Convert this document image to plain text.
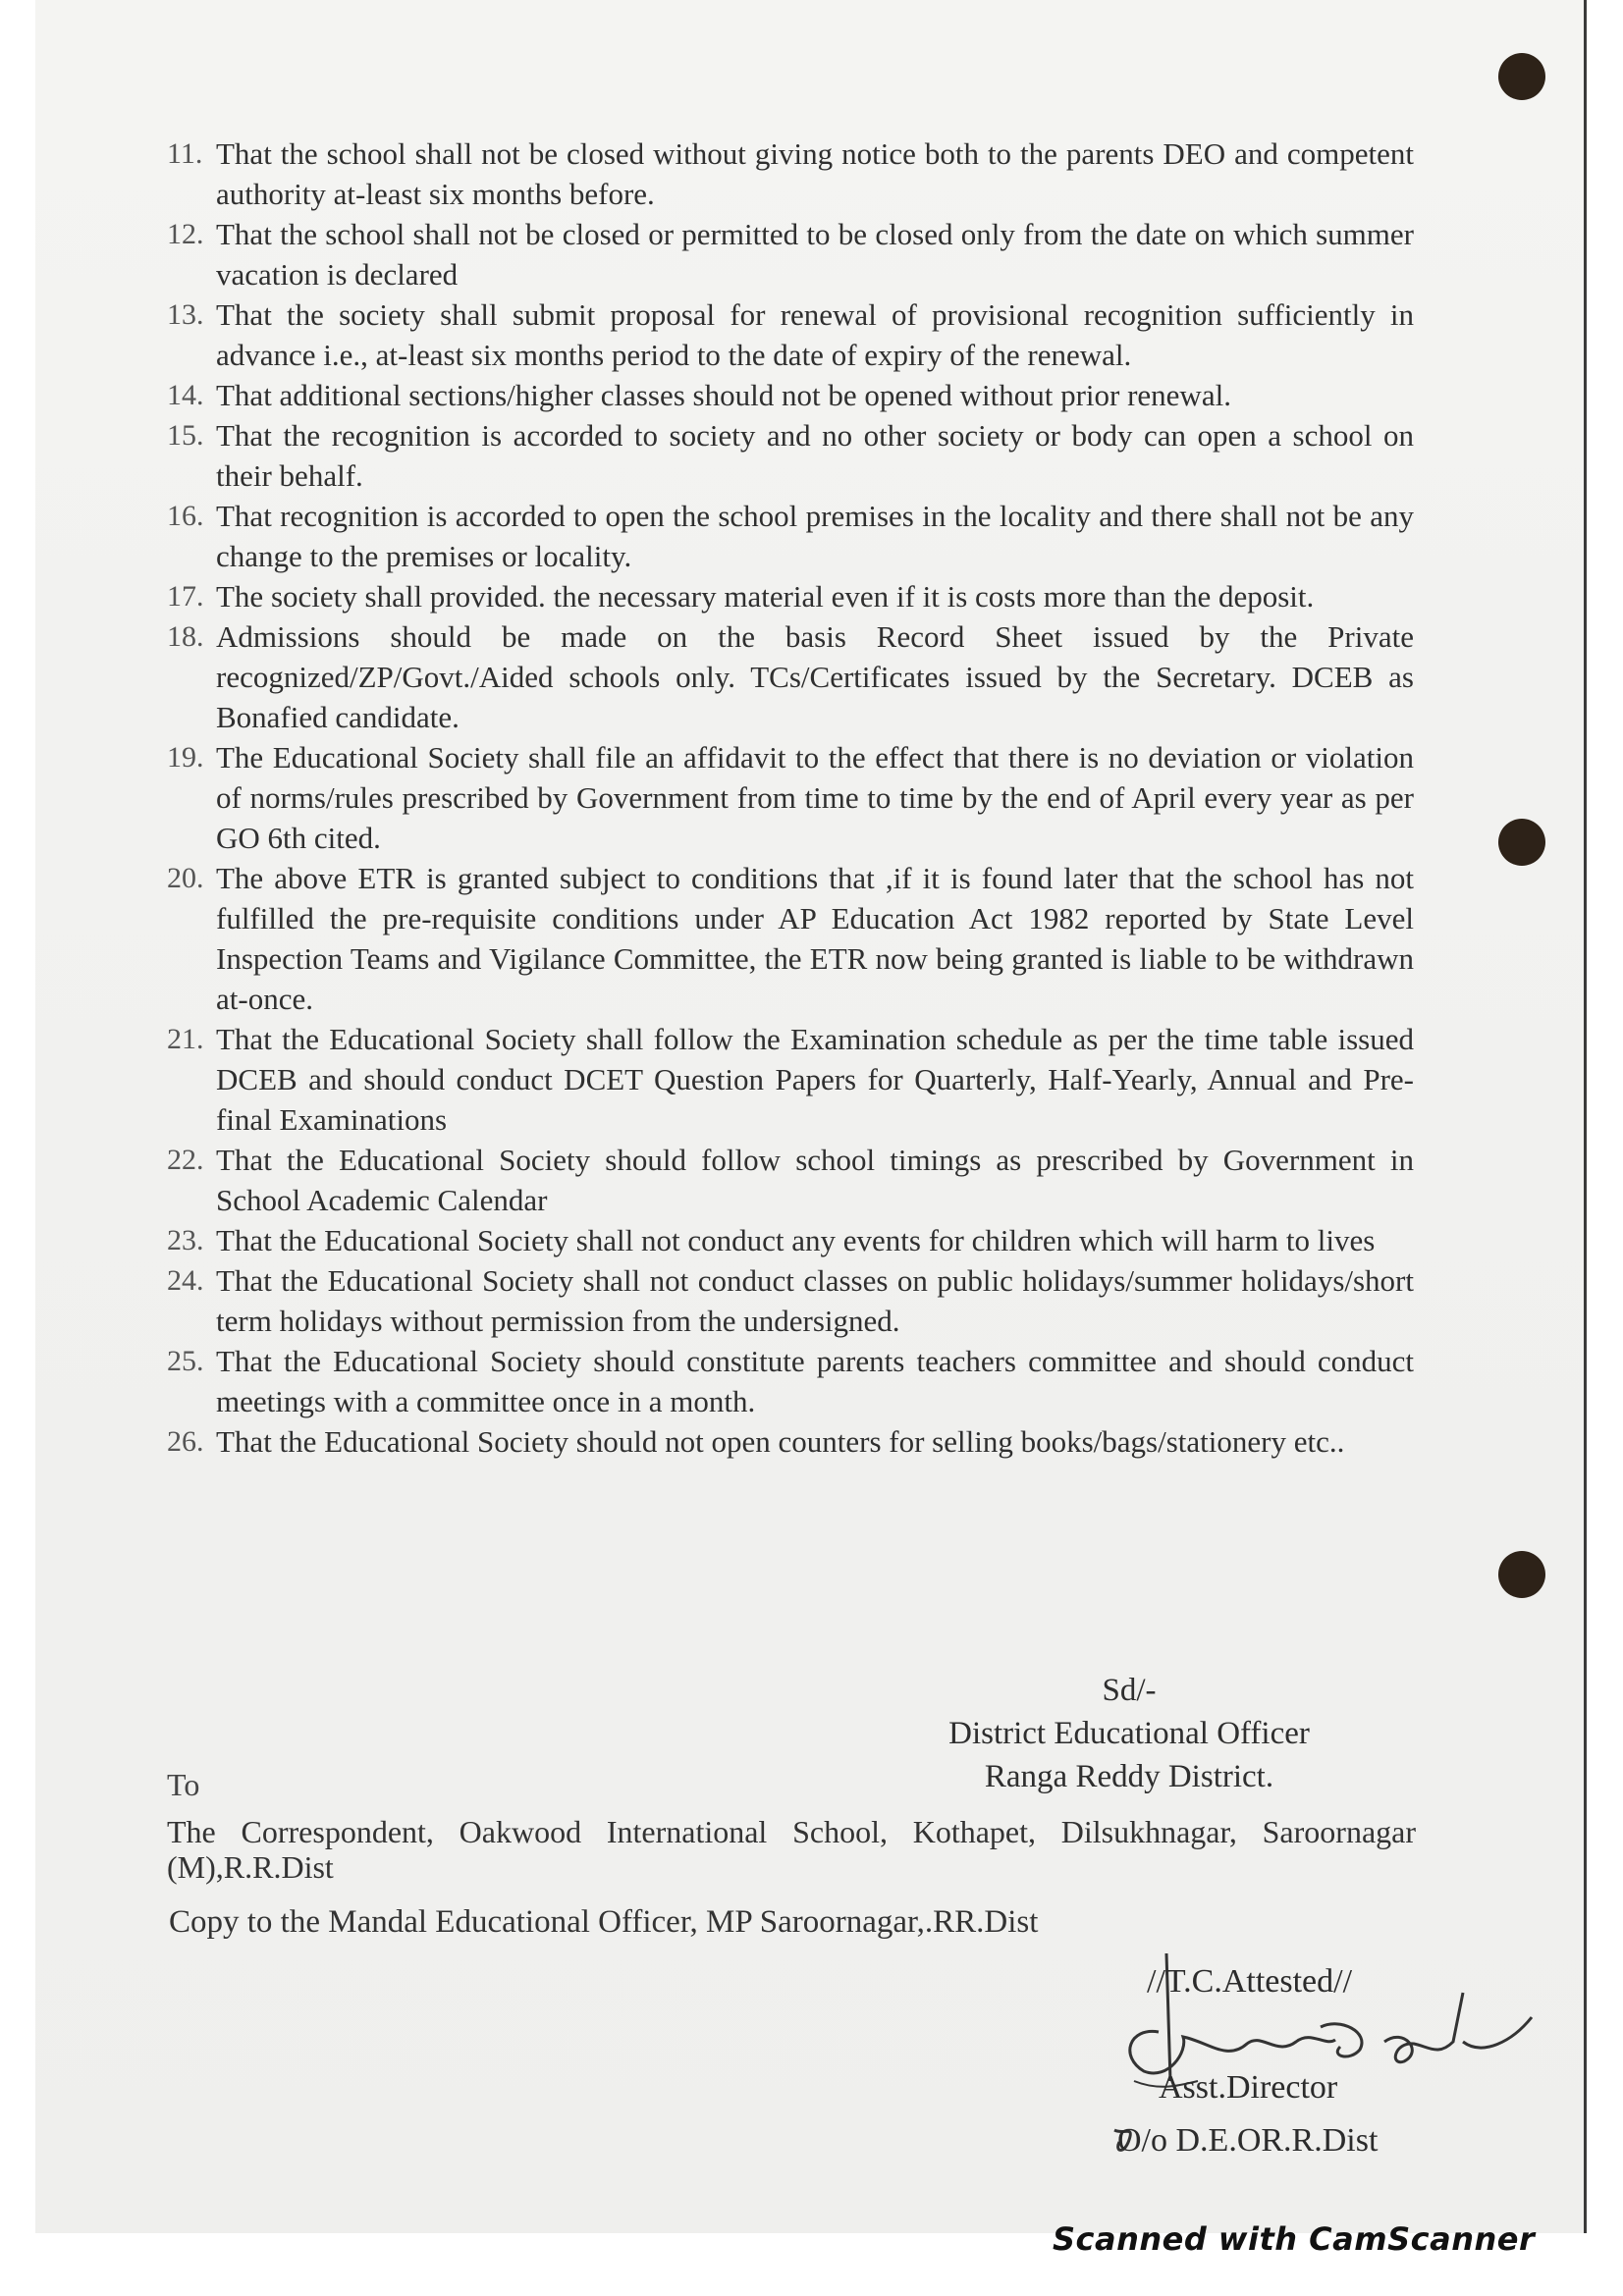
11. That the school shall not be closed without giving notice both to the parents DEO and competent authority at-least six months before.
12. That the school shall not be closed or permitted to be closed only from the date on which summer vacation is declared
13. That the society shall submit proposal for renewal of provisional recognition sufficiently in advance i.e., at-least six months period to the date of expiry of the renewal.
14. That additional sections/higher classes should not be opened without prior renewal.
15. That the recognition is accorded to society and no other society or body can open a school on their behalf.
16. That recognition is accorded to open the school premises in the locality and there shall not be any change to the premises or locality.
17. The society shall provided. the necessary material even if it is costs more than the deposit.
18. Admissions should be made on the basis Record Sheet issued by the Private recognized/ZP/Govt./Aided schools only. TCs/Certificates issued by the Secretary. DCEB as Bonafied candidate.
19. The Educational Society shall file an affidavit to the effect that there is no deviation or violation of norms/rules prescribed by Government from time to time by the end of April every year as per GO 6th cited.
20. The above ETR is granted subject to conditions that ,if it is found later that the school has not fulfilled the pre-requisite conditions under AP Education Act 1982 reported by State Level Inspection Teams and Vigilance Committee, the ETR now being granted is liable to be withdrawn at-once.
21. That the Educational Society shall follow the Examination schedule as per the time table issued DCEB and should conduct DCET Question Papers for Quarterly, Half-Yearly, Annual and Pre-final Examinations
22. That the Educational Society should follow school timings as prescribed by Government in School Academic Calendar
23. That the Educational Society shall not conduct any events for children which will harm to lives
24. That the Educational Society shall not conduct classes on public holidays/summer holidays/short term holidays without permission from the undersigned.
25. That the Educational Society should constitute parents teachers committee and should conduct meetings with a committee once in a month.
26. That the Educational Society should not open counters for selling books/bags/stationery etc..
Sd/-
District Educational Officer
Ranga Reddy District.
To
The Correspondent, Oakwood International School, Kothapet, Dilsukhnagar, Saroornagar (M),R.R.Dist
Copy to the Mandal Educational Officer, MP Saroornagar,.RR.Dist
//T.C.Attested//
Asst.Director
O/o D.E.OR.R.Dist
Scanned with CamScanner
